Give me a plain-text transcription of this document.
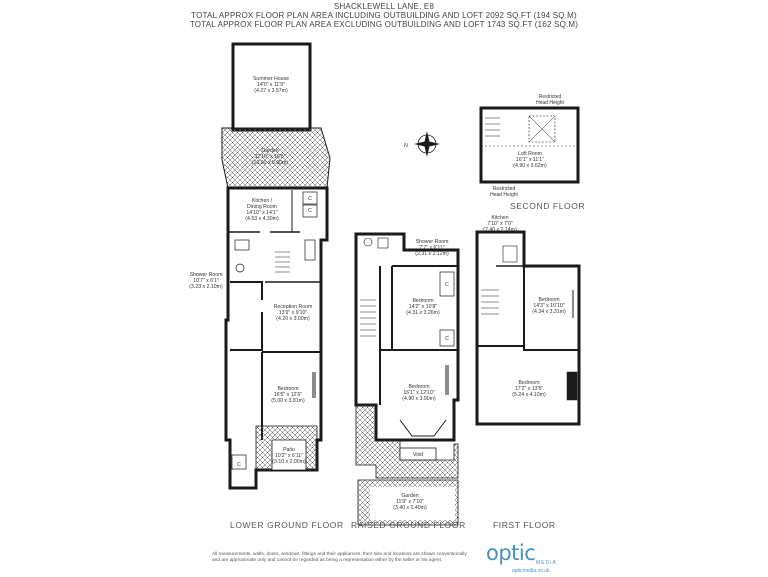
SHACKLEWELL LANE, E8
TOTAL APPROX FLOOR PLAN AREA INCLUDING OUTBUILDING AND LOFT 2092 SQ.FT (194 SQ.M)
TOTAL APPROX FLOOR PLAN AREA EXCLUDING OUTBUILDING AND LOFT 1743 SQ.FT (162 SQ.M)
N
Summer House
14'0" x 11'9"
(4.27 x 3.57m)
Garden
32'10" x 16'5"
(10.00 x 5.00m)
Kitchen /
Dining Room
14'10" x 14'1"
(4.53 x 4.30m)
Shower Room
10'7" x 6'1"
(3.23 x 2.10m)
Reception Room
13'9" x 9'10"
(4.20 x 3.00m)
Bedroom
16'5" x 12'6"
(5.00 x 3.81m)
Patio
10'2" x 6'11"
(3.10 x 2.00m)
Shower Room
7'7" x 6'11"
(2.31 x 2.12m)
Bedroom
14'2" x 10'8"
(4.31 x 3.26m)
Bedroom
16'1" x 12'10"
(4.90 x 3.90m)
Void
Garden
11'9" x 7'10"
(3.40 x 2.40m)
Kitchen
7'10" x 7'0"
(2.40 x 2.14m)
Bedroom
14'3" x 10'10"
(4.34 x 3.31m)
Bedroom
17'2" x 13'5"
(5.24 x 4.10m)
Loft Room
16'1" x 11'1"
(4.90 x 3.62m)
Restricted
Head Height
Restricted
Head Height
C
C
C
C
C
LOWER GROUND FLOOR RAISED GROUND FLOOR	FIRST FLOOR
SECOND FLOOR
All measurements, walls, doors, windows, fittings and their appliances, their size and locations are shown conventionally and are approximate only and cannot be regarded as being a representation either by the seller or his agent.	optic MEDIA
opticmedia.co.uk
